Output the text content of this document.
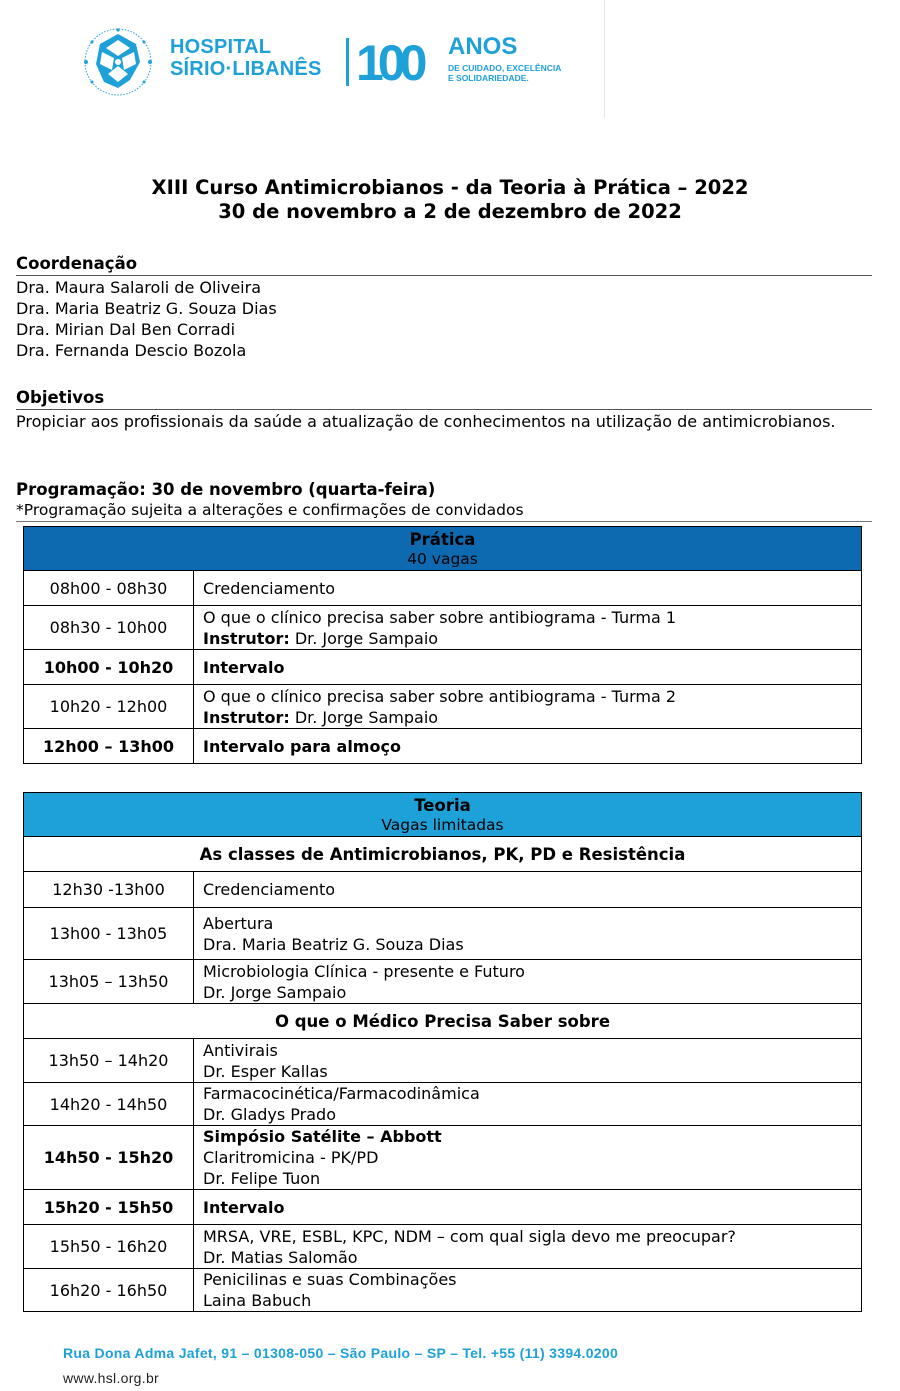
HOSPITAL
SÍRIO·LIBANÊS 100 ANOS
DE CUIDADO, EXCELÊNCIA
E SOLIDARIEDADE.
XIII Curso Antimicrobianos - da Teoria à Prática – 2022
30 de novembro a 2 de dezembro de 2022
Coordenação
Dra. Maura Salaroli de Oliveira
Dra. Maria Beatriz G. Souza Dias
Dra. Mirian Dal Ben Corradi
Dra. Fernanda Descio Bozola
Objetivos
Propiciar aos profissionais da saúde a atualização de conhecimentos na utilização de antimicrobianos.
Programação: 30 de novembro (quarta-feira)
*Programação sujeita a alterações e confirmações de convidados
Prática
40 vagas	

08h00 - 08h30	Credenciamento
08h30 - 10h00	O que o clínico precisa saber sobre antibiograma - Turma 1
Instrutor: Dr. Jorge Sampaio

10h00 - 10h20	Intervalo
10h20 - 12h00	O que o clínico precisa saber sobre antibiograma - Turma 2
Instrutor: Dr. Jorge Sampaio

12h00 – 13h00	Intervalo para almoço
Teoria
Vagas limitadas	

As classes de Antimicrobianos, PK, PD e Resistência	
12h30 -13h00	Credenciamento
13h00 - 13h05	Abertura
Dra. Maria Beatriz G. Souza Dias

13h05 – 13h50	Microbiologia Clínica - presente e Futuro
Dr. Jorge Sampaio

O que o Médico Precisa Saber sobre	
13h50 – 14h20	Antivirais
Dr. Esper Kallas

14h20 - 14h50	Farmacocinética/Farmacodinâmica
Dr. Gladys Prado

14h50 - 15h20	Simpósio Satélite – Abbott
Claritromicina - PK/PD
Dr. Felipe Tuon

15h20 - 15h50	Intervalo
15h50 - 16h20	MRSA, VRE, ESBL, KPC, NDM – com qual sigla devo me preocupar?
Dr. Matias Salomão

16h20 - 16h50	Penicilinas e suas Combinações
Laina Babuch
Rua Dona Adma Jafet, 91 – 01308-050 – São Paulo – SP – Tel. +55 (11) 3394.0200
www.hsl.org.br
